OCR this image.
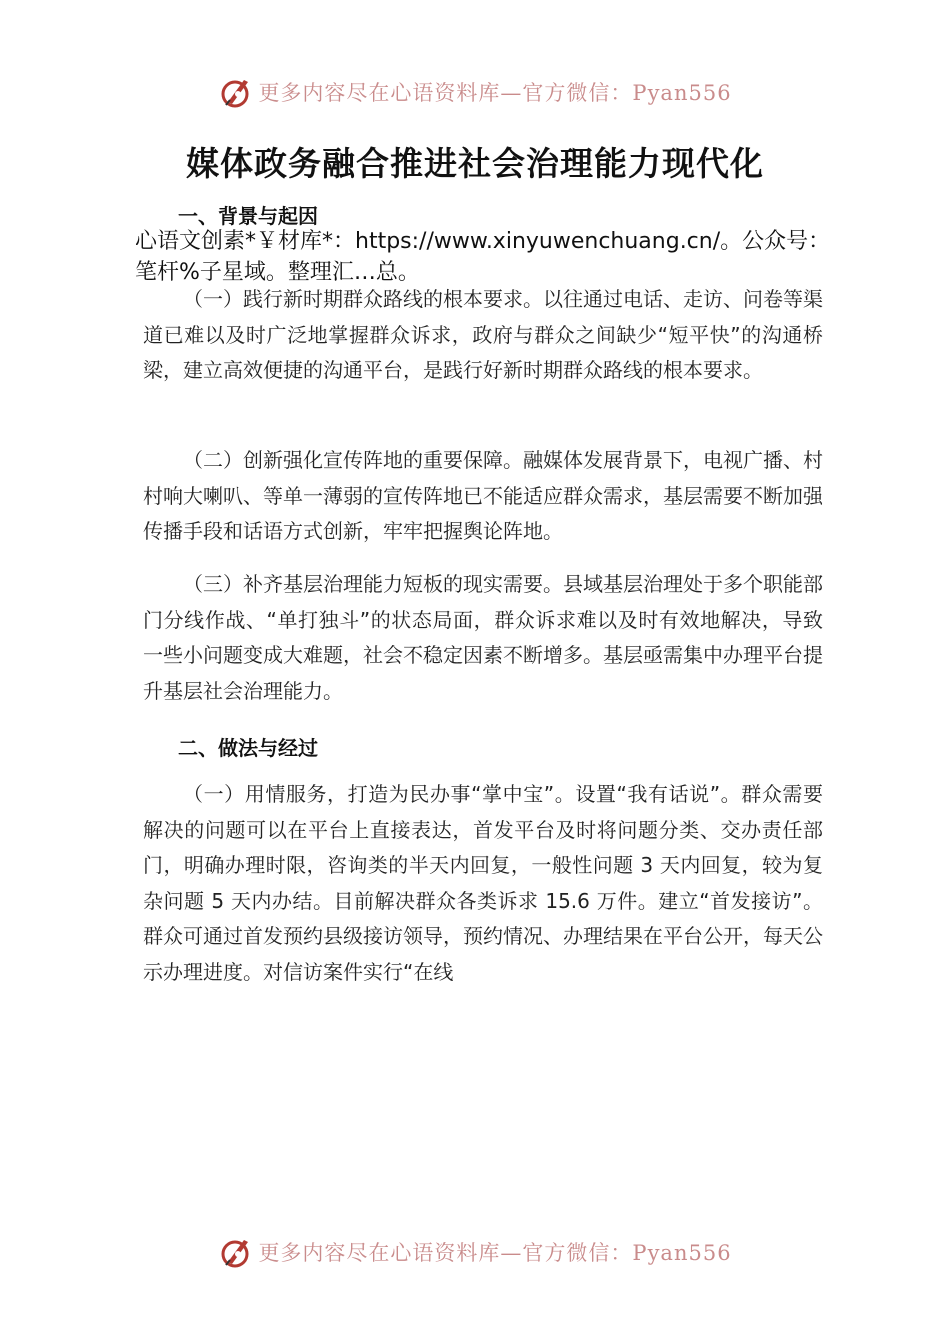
更多内容尽在心语资料库—官方微信：Pyan556
媒体政务融合推进社会治理能力现代化
一、背景与起因
心语文创素*￥材库*：https://www.xinyuwenchuang.cn/。公众号：笔杆%子星域。整理汇…总。
（一）践行新时期群众路线的根本要求。以往通过电话、走访、问卷等渠道已难以及时广泛地掌握群众诉求，政府与群众之间缺少“短平快”的沟通桥梁，建立高效便捷的沟通平台，是践行好新时期群众路线的根本要求。
（二）创新强化宣传阵地的重要保障。融媒体发展背景下，电视广播、村村响大喇叭、等单一薄弱的宣传阵地已不能适应群众需求，基层需要不断加强传播手段和话语方式创新，牢牢把握舆论阵地。
（三）补齐基层治理能力短板的现实需要。县域基层治理处于多个职能部门分线作战、“单打独斗”的状态局面，群众诉求难以及时有效地解决，导致一些小问题变成大难题，社会不稳定因素不断增多。基层亟需集中办理平台提升基层社会治理能力。
二、做法与经过
（一）用情服务，打造为民办事“掌中宝”。设置“我有话说”。群众需要解决的问题可以在平台上直接表达，首发平台及时将问题分类、交办责任部门，明确办理时限，咨询类的半天内回复，一般性问题 3 天内回复，较为复杂问题 5 天内办结。目前解决群众各类诉求 15.6 万件。建立“首发接访”。群众可通过首发预约县级接访领导，预约情况、办理结果在平台公开，每天公示办理进度。对信访案件实行“在线
更多内容尽在心语资料库—官方微信：Pyan556
